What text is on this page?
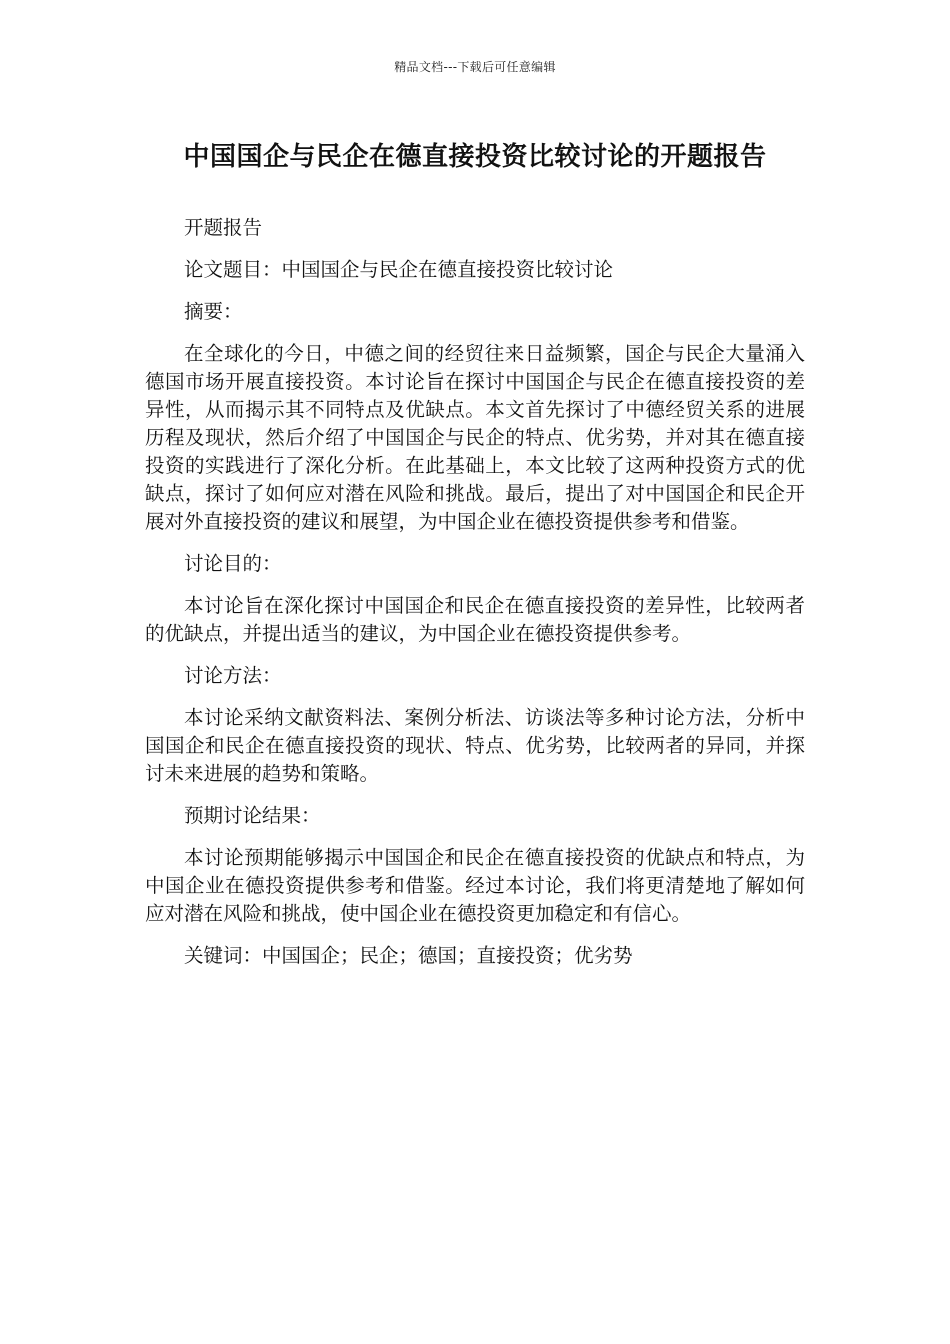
精品文档---下载后可任意编辑
中国国企与民企在德直接投资比较讨论的开题报告

开题报告

论文题目：中国国企与民企在德直接投资比较讨论

摘要：

在全球化的今日，中德之间的经贸往来日益频繁，国企与民企大量涌入德国市场开展直接投资。本讨论旨在探讨中国国企与民企在德直接投资的差异性，从而揭示其不同特点及优缺点。本文首先探讨了中德经贸关系的进展历程及现状，然后介绍了中国国企与民企的特点、优劣势，并对其在德直接投资的实践进行了深化分析。在此基础上，本文比较了这两种投资方式的优缺点，探讨了如何应对潜在风险和挑战。最后，提出了对中国国企和民企开展对外直接投资的建议和展望，为中国企业在德投资提供参考和借鉴。

讨论目的：

本讨论旨在深化探讨中国国企和民企在德直接投资的差异性，比较两者的优缺点，并提出适当的建议，为中国企业在德投资提供参考。

讨论方法：

本讨论采纳文献资料法、案例分析法、访谈法等多种讨论方法，分析中国国企和民企在德直接投资的现状、特点、优劣势，比较两者的异同，并探讨未来进展的趋势和策略。

预期讨论结果：

本讨论预期能够揭示中国国企和民企在德直接投资的优缺点和特点，为中国企业在德投资提供参考和借鉴。经过本讨论，我们将更清楚地了解如何应对潜在风险和挑战，使中国企业在德投资更加稳定和有信心。

关键词：中国国企；民企；德国；直接投资；优劣势
